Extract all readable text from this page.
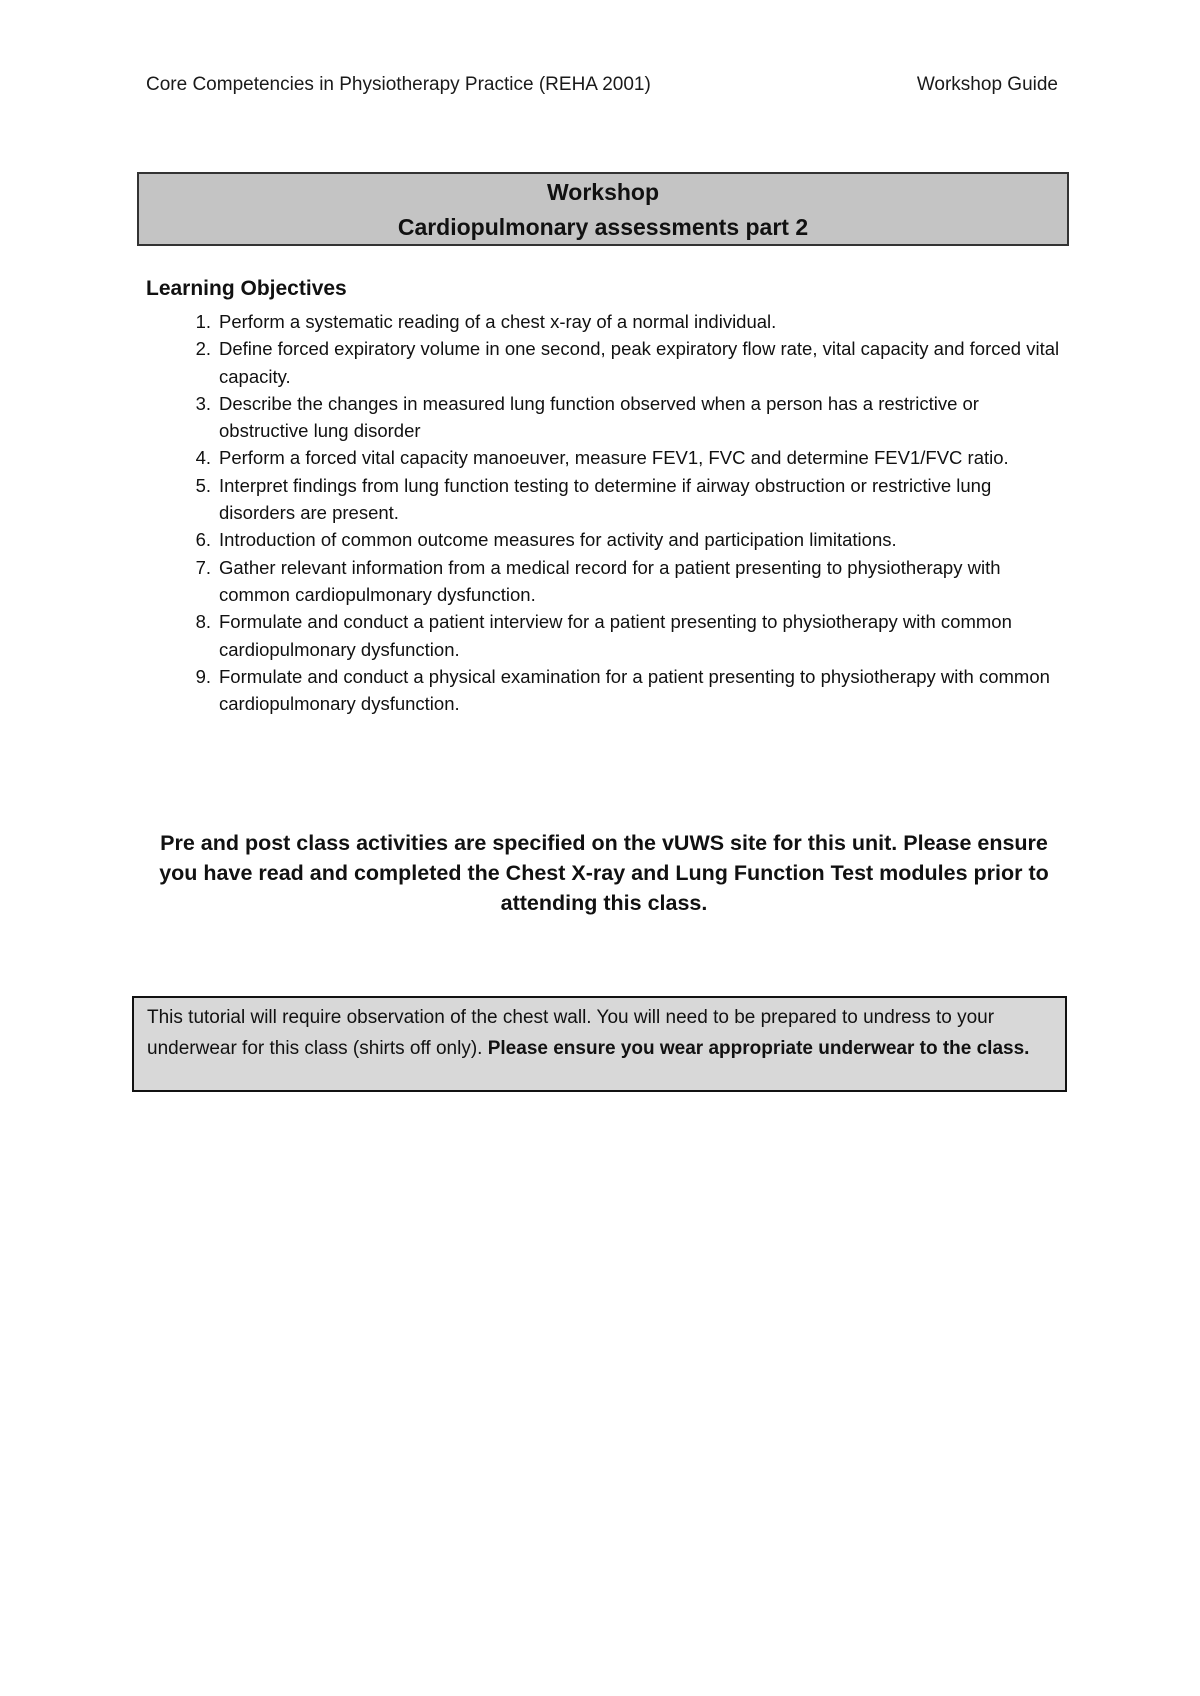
Core Competencies in Physiotherapy Practice (REHA 2001)	Workshop Guide
Workshop
Cardiopulmonary assessments part 2
Learning Objectives
1. Perform a systematic reading of a chest x-ray of a normal individual.
2. Define forced expiratory volume in one second, peak expiratory flow rate, vital capacity and forced vital capacity.
3. Describe the changes in measured lung function observed when a person has a restrictive or obstructive lung disorder
4. Perform a forced vital capacity manoeuver, measure FEV1, FVC and determine FEV1/FVC ratio.
5. Interpret findings from lung function testing to determine if airway obstruction or restrictive lung disorders are present.
6. Introduction of common outcome measures for activity and participation limitations.
7. Gather relevant information from a medical record for a patient presenting to physiotherapy with common cardiopulmonary dysfunction.
8. Formulate and conduct a patient interview for a patient presenting to physiotherapy with common cardiopulmonary dysfunction.
9. Formulate and conduct a physical examination for a patient presenting to physiotherapy with common cardiopulmonary dysfunction.
Pre and post class activities are specified on the vUWS site for this unit. Please ensure you have read and completed the Chest X-ray and Lung Function Test modules prior to attending this class.
This tutorial will require observation of the chest wall. You will need to be prepared to undress to your underwear for this class (shirts off only). Please ensure you wear appropriate underwear to the class.
